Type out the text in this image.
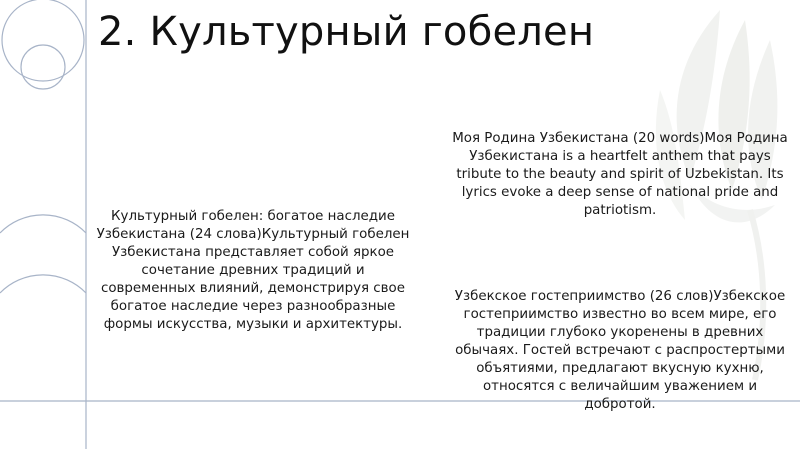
2. Культурный гобелен

Культурный гобелен: богатое наследие Узбекистана (24 слова)Культурный гобелен Узбекистана представляет собой яркое сочетание древних традиций и современных влияний, демонстрируя свое богатое наследие через разнообразные формы искусства, музыки и архитектуры.

Моя Родина Узбекистана (20 words)Моя Родина Узбекистана is a heartfelt anthem that pays tribute to the beauty and spirit of Uzbekistan. Its lyrics evoke a deep sense of national pride and patriotism.

Узбекское гостеприимство (26 слов)Узбекское гостеприимство известно во всем мире, его традиции глубоко укоренены в древних обычаях. Гостей встречают с распростертыми объятиями, предлагают вкусную кухню, относятся с величайшим уважением и добротой.
